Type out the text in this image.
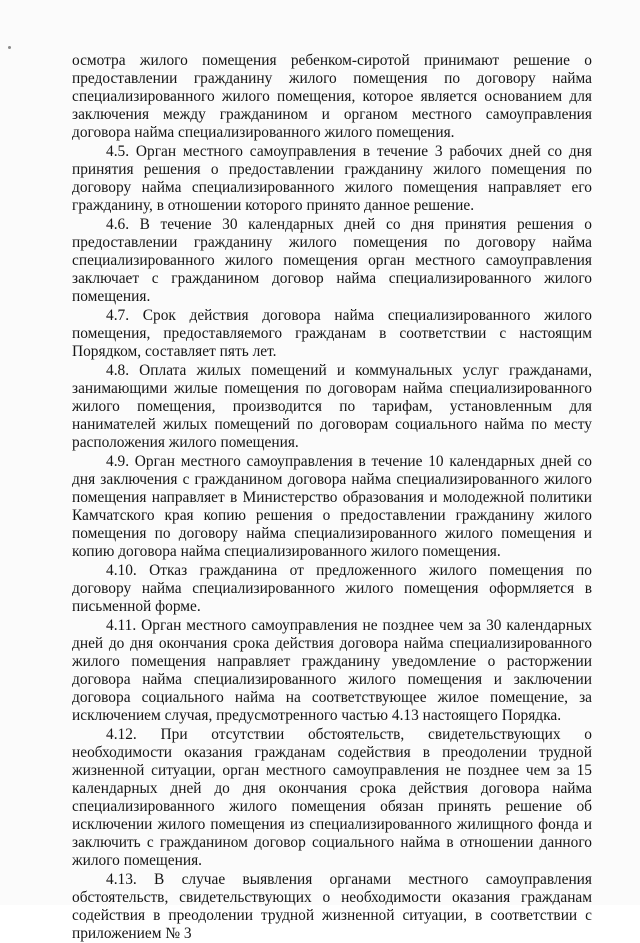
осмотра жилого помещения ребенком-сиротой принимают решение о предоставлении гражданину жилого помещения по договору найма специализированного жилого помещения, которое является основанием для заключения между гражданином и органом местного самоуправления договора найма специализированного жилого помещения.

4.5. Орган местного самоуправления в течение 3 рабочих дней со дня принятия решения о предоставлении гражданину жилого помещения по договору найма специализированного жилого помещения направляет его гражданину, в отношении которого принято данное решение.

4.6. В течение 30 календарных дней со дня принятия решения о предоставлении гражданину жилого помещения по договору найма специализированного жилого помещения орган местного самоуправления заключает с гражданином договор найма специализированного жилого помещения.

4.7. Срок действия договора найма специализированного жилого помещения, предоставляемого гражданам в соответствии с настоящим Порядком, составляет пять лет.

4.8. Оплата жилых помещений и коммунальных услуг гражданами, занимающими жилые помещения по договорам найма специализированного жилого помещения, производится по тарифам, установленным для нанимателей жилых помещений по договорам социального найма по месту расположения жилого помещения.

4.9. Орган местного самоуправления в течение 10 календарных дней со дня заключения с гражданином договора найма специализированного жилого помещения направляет в Министерство образования и молодежной политики Камчатского края копию решения о предоставлении гражданину жилого помещения по договору найма специализированного жилого помещения и копию договора найма специализированного жилого помещения.

4.10. Отказ гражданина от предложенного жилого помещения по договору найма специализированного жилого помещения оформляется в письменной форме.

4.11. Орган местного самоуправления не позднее чем за 30 календарных дней до дня окончания срока действия договора найма специализированного жилого помещения направляет гражданину уведомление о расторжении договора найма специализированного жилого помещения и заключении договора социального найма на соответствующее жилое помещение, за исключением случая, предусмотренного частью 4.13 настоящего Порядка.

4.12. При отсутствии обстоятельств, свидетельствующих о необходимости оказания гражданам содействия в преодолении трудной жизненной ситуации, орган местного самоуправления не позднее чем за 15 календарных дней до дня окончания срока действия договора найма специализированного жилого помещения обязан принять решение об исключении жилого помещения из специализированного жилищного фонда и заключить с гражданином договор социального найма в отношении данного жилого помещения.

4.13. В случае выявления органами местного самоуправления обстоятельств, свидетельствующих о необходимости оказания гражданам содействия в преодолении трудной жизненной ситуации, в соответствии с приложением № 3
